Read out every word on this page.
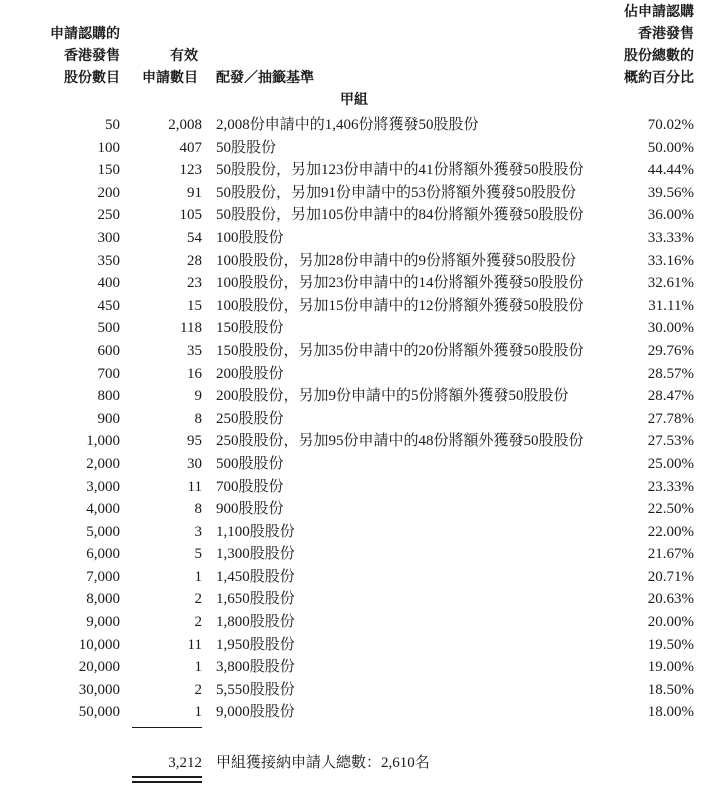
申請認購的
香港發售
股份數目
有效
申請數目 配發／抽籤基準
佔申請認購
香港發售
股份總數的
概約百分比
甲組
50	2,008 2,008份申請中的1,406份將獲發50股股份	70.02%
100	407 50股股份	50.00%
150	123 50股股份，另加123份申請中的41份將額外獲發50股股份	44.44%
200	91 50股股份，另加91份申請中的53份將額外獲發50股股份	39.56%
250	105 50股股份，另加105份申請中的84份將額外獲發50股股份	36.00%
300	54 100股股份	33.33%
350	28 100股股份，另加28份申請中的9份將額外獲發50股股份	33.16%
400	23 100股股份，另加23份申請中的14份將額外獲發50股股份	32.61%
450	15 100股股份，另加15份申請中的12份將額外獲發50股股份	31.11%
500	118 150股股份	30.00%
600	35 150股股份，另加35份申請中的20份將額外獲發50股股份	29.76%
700	16 200股股份	28.57%
800	9 200股股份，另加9份申請中的5份將額外獲發50股股份	28.47%
900	8 250股股份	27.78%
1,000	95 250股股份，另加95份申請中的48份將額外獲發50股股份	27.53%
2,000	30 500股股份	25.00%
3,000	11 700股股份	23.33%
4,000	8 900股股份	22.50%
5,000	3 1,100股股份	22.00%
6,000	5 1,300股股份	21.67%
7,000	1 1,450股股份	20.71%
8,000	2 1,650股股份	20.63%
9,000	2 1,800股股份	20.00%
10,000	11 1,950股股份	19.50%
20,000	1 3,800股股份	19.00%
30,000	2 5,550股股份	18.50%
50,000	1 9,000股股份	18.00%
3,212 甲組獲接納申請人總數：2,610名
